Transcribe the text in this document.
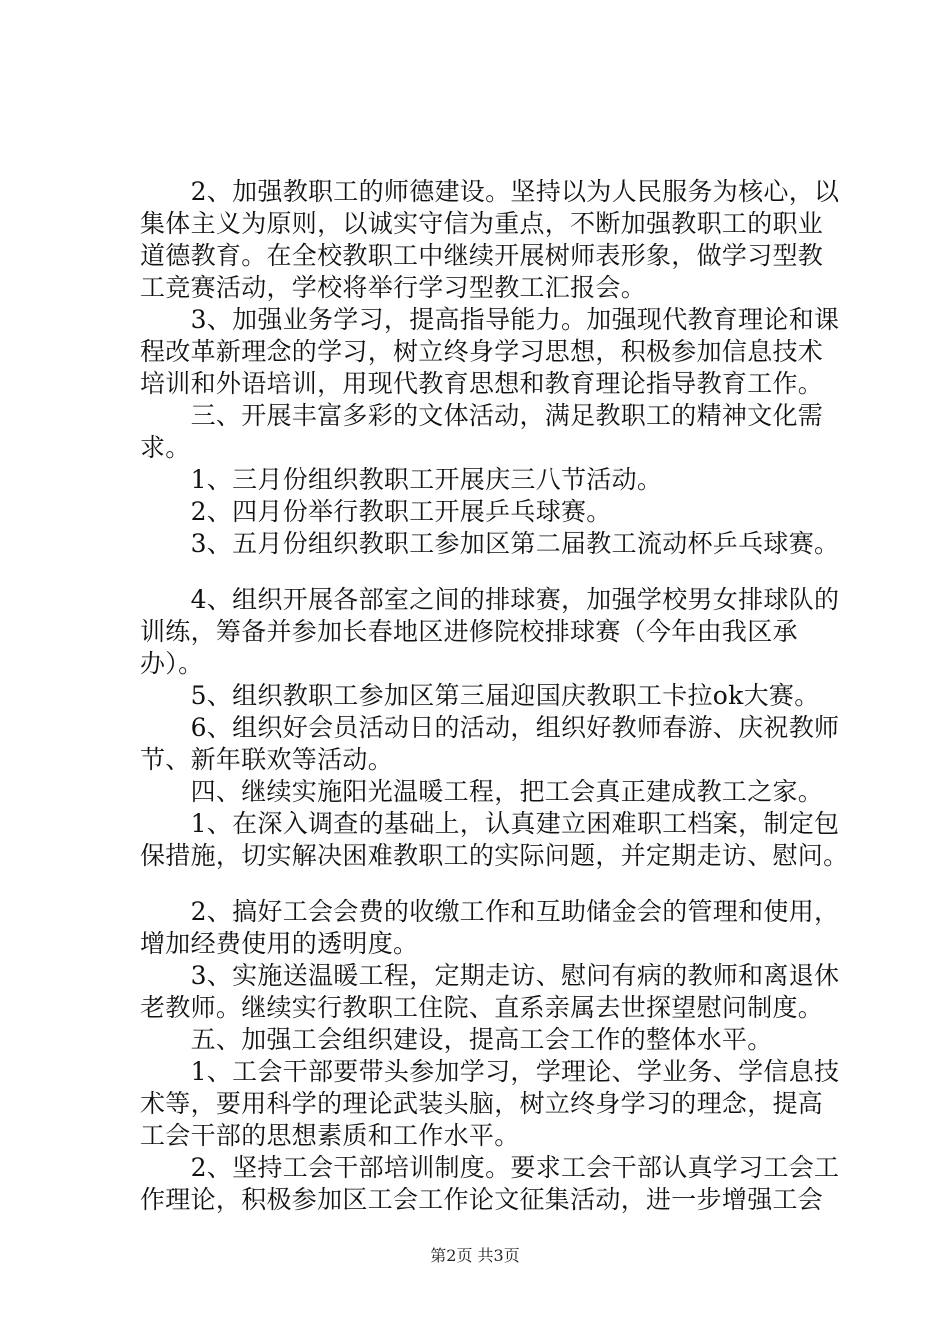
　　2、加强教职工的师德建设。坚持以为人民服务为核心，以
集体主义为原则，以诚实守信为重点，不断加强教职工的职业
道德教育。在全校教职工中继续开展树师表形象，做学习型教
工竞赛活动，学校将举行学习型教工汇报会。
　　3、加强业务学习，提高指导能力。加强现代教育理论和课
程改革新理念的学习，树立终身学习思想，积极参加信息技术
培训和外语培训，用现代教育思想和教育理论指导教育工作。
　　三、开展丰富多彩的文体活动，满足教职工的精神文化需
求。
　　1、三月份组织教职工开展庆三八节活动。
　　2、四月份举行教职工开展乒乓球赛。
　　3、五月份组织教职工参加区第二届教工流动杯乒乓球赛。
　　4、组织开展各部室之间的排球赛，加强学校男女排球队的
训练，筹备并参加长春地区进修院校排球赛（今年由我区承
办）。
　　5、组织教职工参加区第三届迎国庆教职工卡拉ok大赛。
　　6、组织好会员活动日的活动，组织好教师春游、庆祝教师
节、新年联欢等活动。
　　四、继续实施阳光温暖工程，把工会真正建成教工之家。
　　1、在深入调查的基础上，认真建立困难职工档案，制定包
保措施，切实解决困难教职工的实际问题，并定期走访、慰问。
　　2、搞好工会会费的收缴工作和互助储金会的管理和使用，
增加经费使用的透明度。
　　3、实施送温暖工程，定期走访、慰问有病的教师和离退休
老教师。继续实行教职工住院、直系亲属去世探望慰问制度。
　　五、加强工会组织建设，提高工会工作的整体水平。
　　1、工会干部要带头参加学习，学理论、学业务、学信息技
术等，要用科学的理论武装头脑，树立终身学习的理念，提高
工会干部的思想素质和工作水平。
　　2、坚持工会干部培训制度。要求工会干部认真学习工会工
作理论，积极参加区工会工作论文征集活动，进一步增强工会
第2页 共3页
